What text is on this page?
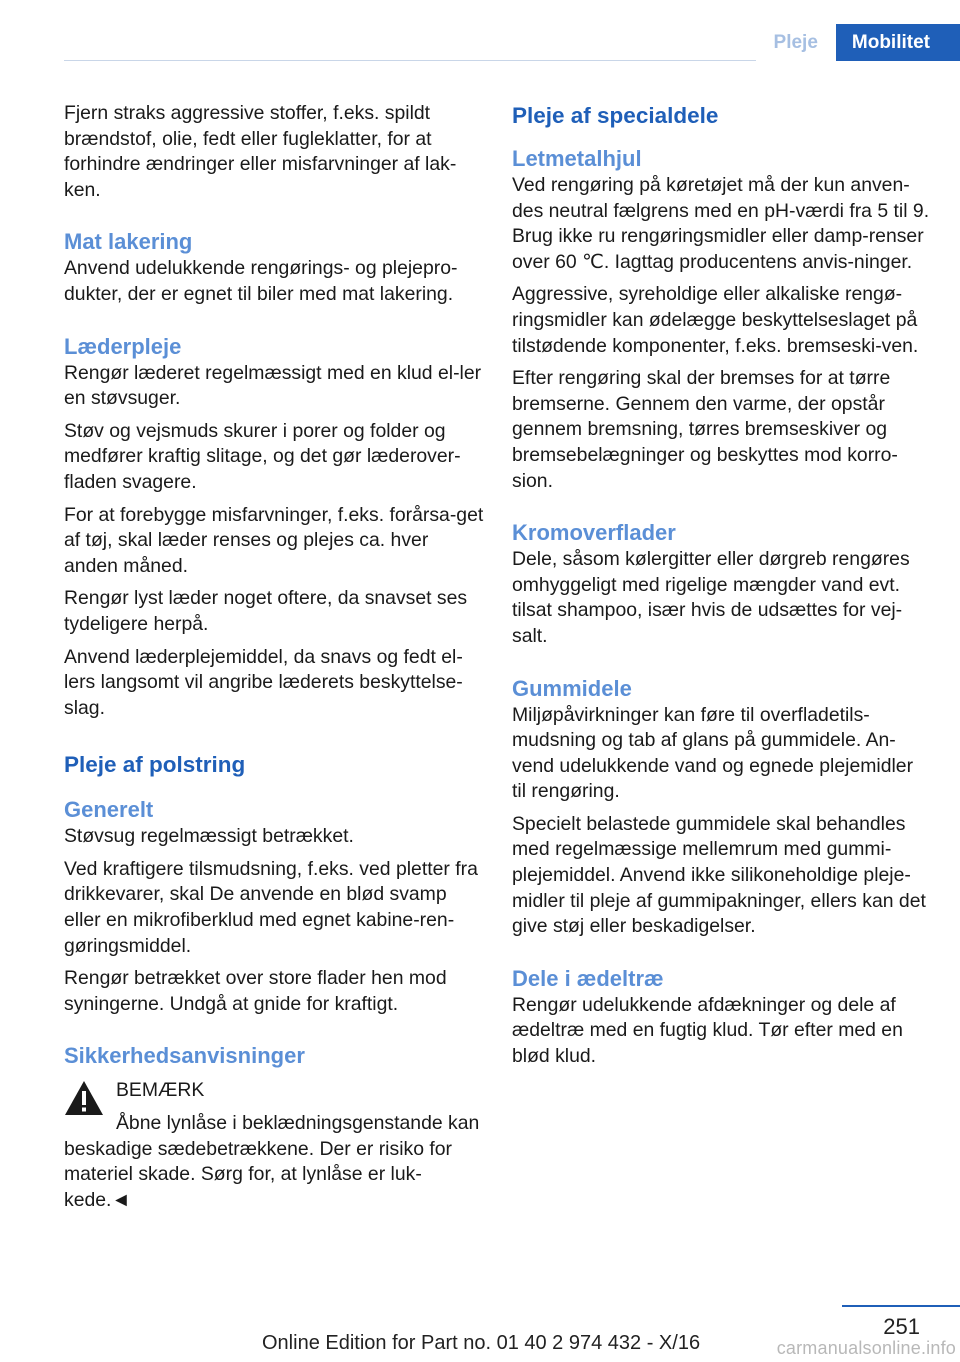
Pleje	Mobilitet

Fjern straks aggressive stoffer, f.eks. spildt brændstof, olie, fedt eller fugleklatter, for at forhindre ændringer eller misfarvninger af lak-ken.

Mat lakering

Anvend udelukkende rengørings- og plejepro-dukter, der er egnet til biler med mat lakering.

Læderpleje

Rengør læderet regelmæssigt med en klud el-ler en støvsuger.

Støv og vejsmuds skurer i porer og folder og medfører kraftig slitage, og det gør læderover-fladen svagere.

For at forebygge misfarvninger, f.eks. forårsa-get af tøj, skal læder renses og plejes ca. hver anden måned.

Rengør lyst læder noget oftere, da snavset ses tydeligere herpå.

Anvend læderplejemiddel, da snavs og fedt el-lers langsomt vil angribe læderets beskyttelse-slag.

Pleje af polstring
Generelt

Støvsug regelmæssigt betrækket.

Ved kraftigere tilsmudsning, f.eks. ved pletter fra drikkevarer, skal De anvende en blød svamp eller en mikrofiberklud med egnet kabine-ren-gøringsmiddel.

Rengør betrækket over store flader hen mod syningerne. Undgå at gnide for kraftigt.

Sikkerhedsanvisninger

BEMÆRK

Åbne lynlåse i beklædningsgenstande kan beskadige sædebetrækkene. Der er risiko for materiel skade. Sørg for, at lynlåse er luk-kede.◄

Pleje af specialdele
Letmetalhjul

Ved rengøring på køretøjet må der kun anven-des neutral fælgrens med en pH-værdi fra 5 til 9. Brug ikke ru rengøringsmidler eller damp-renser over 60 ℃. Iagttag producentens anvis-ninger.

Aggressive, syreholdige eller alkaliske rengø-ringsmidler kan ødelægge beskyttelseslaget på tilstødende komponenter, f.eks. bremseski-ven.

Efter rengøring skal der bremses for at tørre bremserne. Gennem den varme, der opstår gennem bremsning, tørres bremseskiver og bremsebelægninger og beskyttes mod korro-sion.

Kromoverflader

Dele, såsom kølergitter eller dørgreb rengøres omhyggeligt med rigelige mængder vand evt. tilsat shampoo, især hvis de udsættes for vej-salt.

Gummidele

Miljøpåvirkninger kan føre til overfladetils-mudsning og tab af glans på gummidele. An-vend udelukkende vand og egnede plejemidler til rengøring.

Specielt belastede gummidele skal behandles med regelmæssige mellemrum med gummi-plejemiddel. Anvend ikke silikoneholdige pleje-midler til pleje af gummipakninger, ellers kan det give støj eller beskadigelser.

Dele i ædeltræ

Rengør udelukkende afdækninger og dele af ædeltræ med en fugtig klud. Tør efter med en blød klud.

251
Online Edition for Part no. 01 40 2 974 432 - X/16	carmanualsonline.info
